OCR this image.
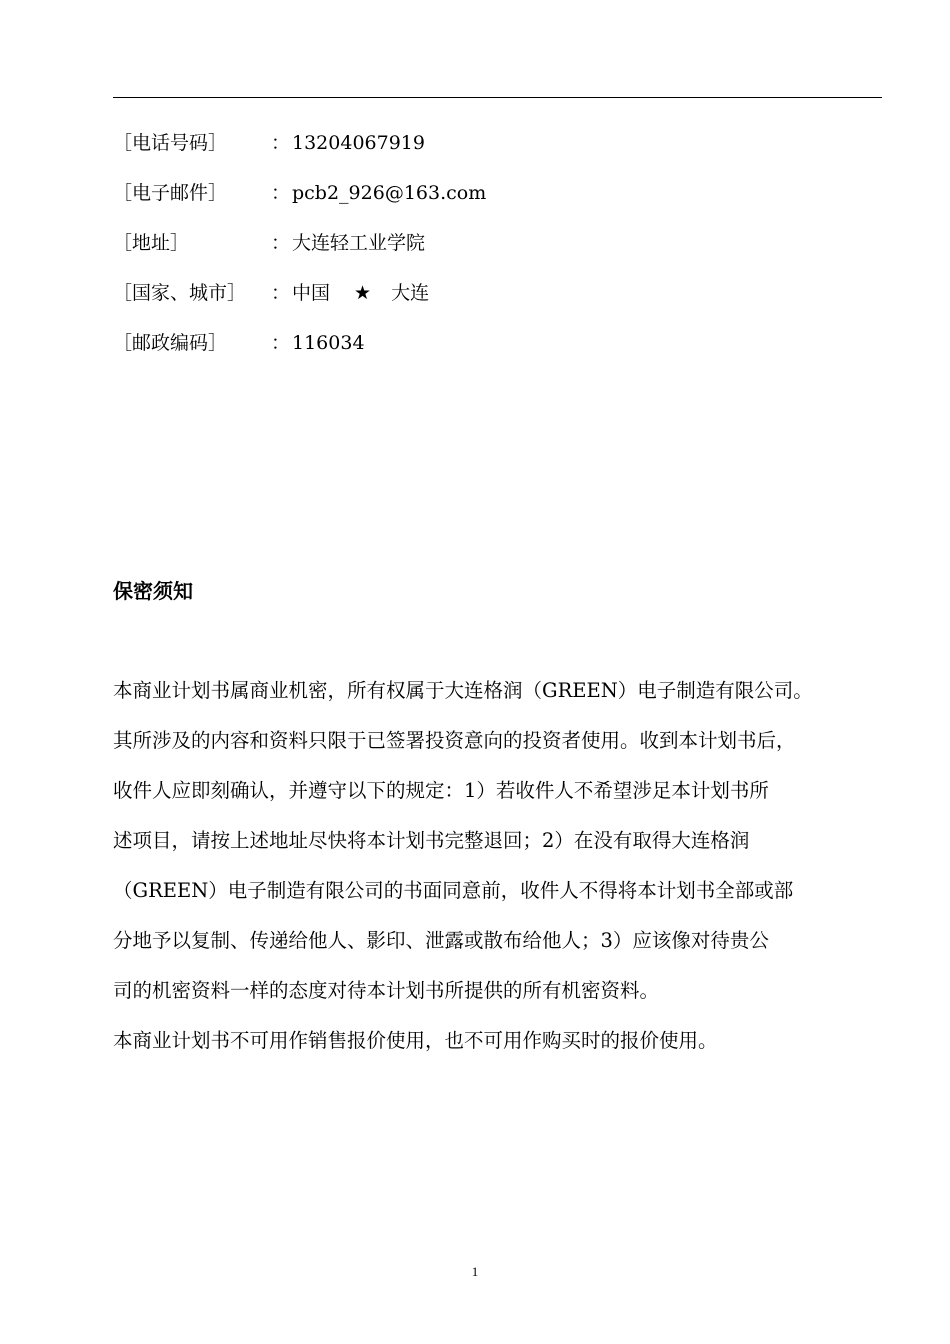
［电话号码］ ： 13204067919
［电子邮件］ ： pcb2_926@163.com
［地址］	： 大连轻工业学院
［国家、城市］ ： 中国 ★ 大连
［邮政编码］ ： 116034
保密须知
本商业计划书属商业机密，所有权属于大连格润（GREEN）电子制造有限公司。
其所涉及的内容和资料只限于已签署投资意向的投资者使用。收到本计划书后，
收件人应即刻确认，并遵守以下的规定：1）若收件人不希望涉足本计划书所
述项目，请按上述地址尽快将本计划书完整退回；2）在没有取得大连格润
（GREEN）电子制造有限公司的书面同意前，收件人不得将本计划书全部或部
分地予以复制、传递给他人、影印、泄露或散布给他人；3）应该像对待贵公
司的机密资料一样的态度对待本计划书所提供的所有机密资料。
本商业计划书不可用作销售报价使用，也不可用作购买时的报价使用。
1
